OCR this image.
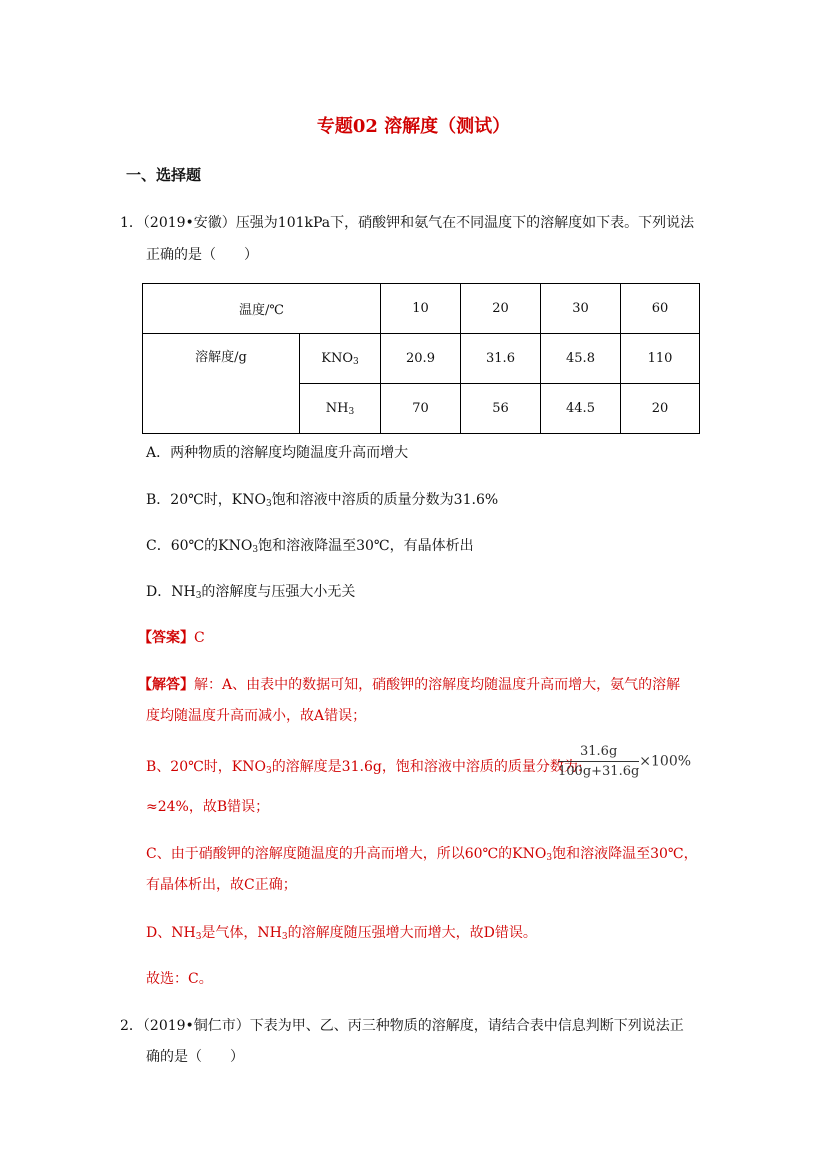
专题02 溶解度（测试）
一、选择题
1．（2019•安徽）压强为101kPa下，硝酸钾和氨气在不同温度下的溶解度如下表。下列说法
正确的是（　　）
温度/℃		10	20	30	60
溶解度/g	$KNO_3$	20.9	31.6	45.8	110
	$NH_3$	70	56	44.5	20
A．两种物质的溶解度均随温度升高而增大
B．20℃时，$KNO_3$饱和溶液中溶质的质量分数为31.6%
C．60℃的$KNO_3$饱和溶液降温至30℃，有晶体析出
D．$NH_3$的溶解度与压强大小无关
【答案】C
【解答】解：A、由表中的数据可知，硝酸钾的溶解度均随温度升高而增大，氨气的溶解
度均随温度升高而减小，故A错误；
B、20℃时，$KNO_3$的溶解度是31.6g，饱和溶液中溶质的质量分数为:
$\frac{31.6g}{100g+31.6g} \times 100\%$
≈24%，故B错误；
C、由于硝酸钾的溶解度随温度的升高而增大，所以60℃的$KNO_3$饱和溶液降温至30℃，
有晶体析出，故C正确；
D、$NH_3$是气体，$NH_3$的溶解度随压强增大而增大，故D错误。
故选：C。
2．（2019•铜仁市）下表为甲、乙、丙三种物质的溶解度，请结合表中信息判断下列说法正
确的是（　　）
